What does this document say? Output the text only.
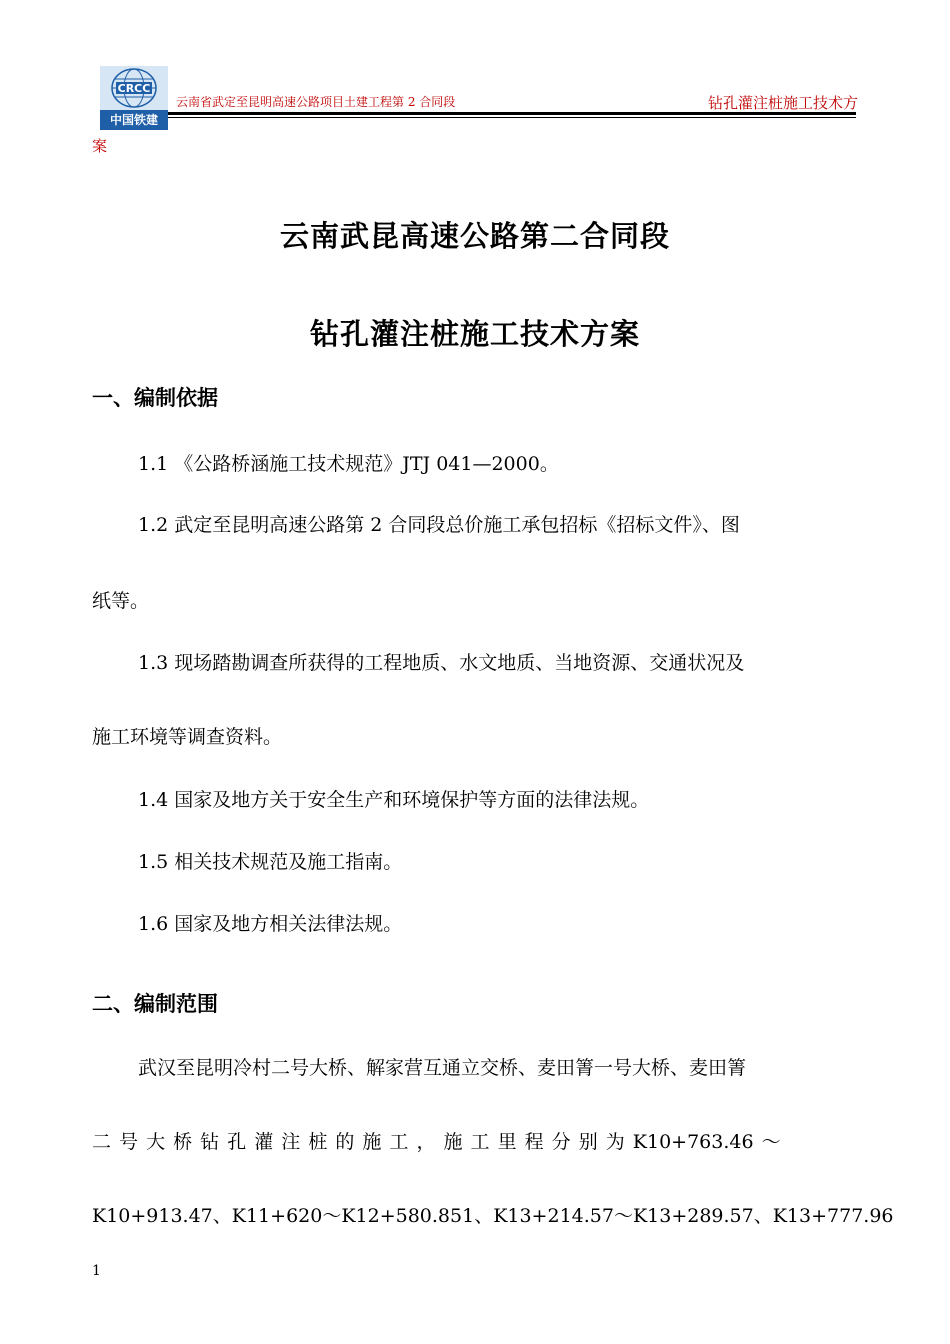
CRCC
中国铁建
云南省武定至昆明高速公路项目土建工程第 2 合同段	钻孔灌注桩施工技术方
案
云南武昆高速公路第二合同段
钻孔灌注桩施工技术方案
一、编制依据
1.1 《公路桥涵施工技术规范》JTJ 041—2000。
1.2 武定至昆明高速公路第 2 合同段总价施工承包招标《招标文件》、图
纸等。
1.3 现场踏勘调查所获得的工程地质、水文地质、当地资源、交通状况及
施工环境等调查资料。
1.4 国家及地方关于安全生产和环境保护等方面的法律法规。
1.5 相关技术规范及施工指南。
1.6 国家及地方相关法律法规。
二、编制范围
武汉至昆明冷村二号大桥、解家营互通立交桥、麦田箐一号大桥、麦田箐
二 号 大 桥 钻 孔 灌 注 桩 的 施 工 ， 施 工 里 程 分 别 为 K10+763.46 ～
K10+913.47、K11+620～K12+580.851、K13+214.57～K13+289.57、K13+777.96
1
